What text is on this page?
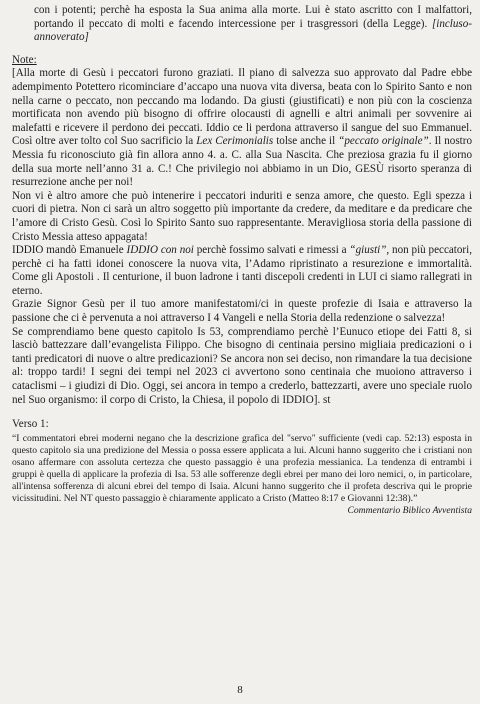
con i potenti; perchè ha esposta la Sua anima alla morte. Lui è stato ascritto con I malfattori, portando il peccato di molti e facendo intercessione per i trasgressori (della Legge). [incluso-annoverato]

Note:

[Alla morte di Gesù i peccatori furono graziati. Il piano di salvezza suo approvato dal Padre ebbe adempimento Potettero ricominciare d’accapo una nuova vita diversa, beata con lo Spirito Santo e non nella carne o peccato, non peccando ma lodando. Da giusti (giustificati) e non più con la coscienza mortificata non avendo più bisogno di offrire olocausti di agnelli e altri animali per sovvenire ai malefatti e ricevere il perdono dei peccati. Iddio ce li perdona attraverso il sangue del suo Emmanuel. Così oltre aver tolto col Suo sacrificio la Lex Cerimonialis tolse anche il “peccato originale”. Il nostro Messia fu riconosciuto già fin allora anno 4. a. C. alla Sua Nascita. Che preziosa grazia fu il giorno della sua morte nell’anno 31 a. C.! Che privilegio noi abbiamo in un Dio, GESÙ risorto speranza di resurrezione anche per noi!

Non vi è altro amore che può intenerire i peccatori induriti e senza amore, che questo. Egli spezza i cuori di pietra. Non ci sarà un altro soggetto più importante da credere, da meditare e da predicare che l’amore di Cristo Gesù. Così lo Spirito Santo suo rappresentante. Meravigliosa storia della passione di Cristo Messia atteso appagata!

IDDIO mandò Emanuele IDDIO con noi perchè fossimo salvati e rimessi a “giusti”, non più peccatori, perchè ci ha fatti idonei conoscere la nuova vita, l’Adamo ripristinato a resurezione e immortalità. Come gli Apostoli . Il centurione, il buon ladrone i tanti discepoli credenti in LUI ci siamo rallegrati in eterno.

Grazie Signor Gesù per il tuo amore manifestatomi/ci in queste profezie di Isaia e attraverso la passione che ci è pervenuta a noi attraverso I 4 Vangeli e nella Storia della redenzione o salvezza!

Se comprendiamo bene questo capitolo Is 53, comprendiamo perchè l’Eunuco etiope dei Fatti 8, si lasciò battezzare dall’evangelista Filippo. Che bisogno di centinaia persino migliaia predicazioni o i tanti predicatori di nuove o altre predicazioni? Se ancora non sei deciso, non rimandare la tua decisione al: troppo tardi! I segni dei tempi nel 2023 ci avvertono sono centinaia che muoiono attraverso i cataclismi – i giudizi di Dio. Oggi, sei ancora in tempo a crederlo, battezzarti, avere uno speciale ruolo nel Suo organismo: il corpo di Cristo, la Chiesa, il popolo di IDDIO]. st

Verso 1:

“I commentatori ebrei moderni negano che la descrizione grafica del "servo" sufficiente (vedi cap. 52:13) esposta in questo capitolo sia una predizione del Messia o possa essere applicata a lui. Alcuni hanno suggerito che i cristiani non osano affermare con assoluta certezza che questo passaggio è una profezia messianica. La tendenza di entrambi i gruppi è quella di applicare la profezia di Isa. 53 alle sofferenze degli ebrei per mano dei loro nemici, o, in particolare, all'intensa sofferenza di alcuni ebrei del tempo di Isaia. Alcuni hanno suggerito che il profeta descriva qui le proprie vicissitudini. Nel NT questo passaggio è chiaramente applicato a Cristo (Matteo 8:17 e Giovanni 12:38).”
Commentario Biblico Avventista

8
